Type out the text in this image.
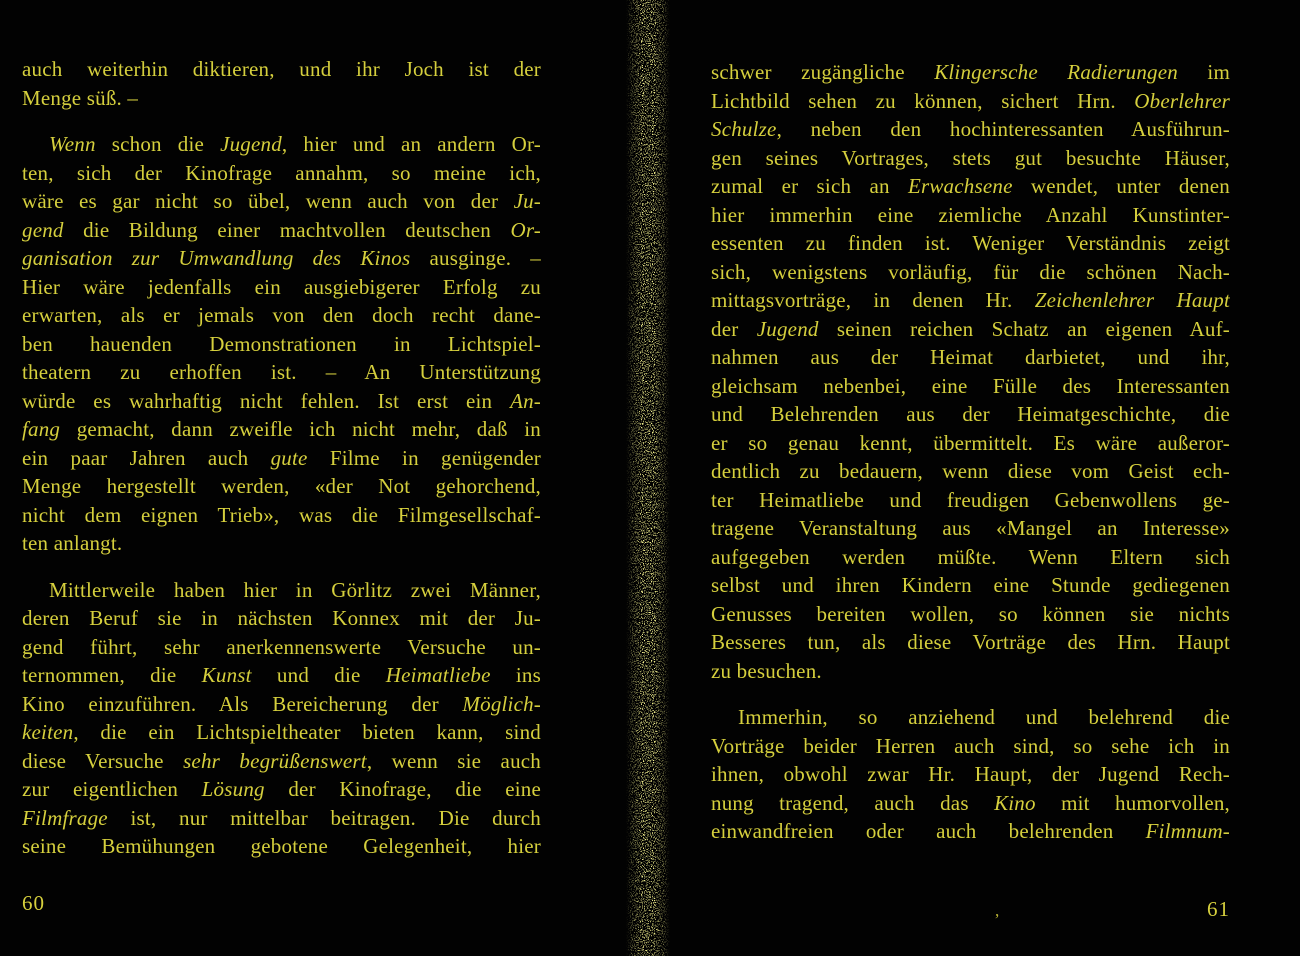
auch weiterhin diktieren, und ihr Joch ist der
Menge süß. –
Wenn schon die Jugend, hier und an andern Or-
ten, sich der Kinofrage annahm, so meine ich,
wäre es gar nicht so übel, wenn auch von der Ju-
gend die Bildung einer machtvollen deutschen Or-
ganisation zur Umwandlung des Kinos ausginge. –
Hier wäre jedenfalls ein ausgiebigerer Erfolg zu
erwarten, als er jemals von den doch recht dane-
ben hauenden Demonstrationen in Lichtspiel-
theatern zu erhoffen ist. – An Unterstützung
würde es wahrhaftig nicht fehlen. Ist erst ein An-
fang gemacht, dann zweifle ich nicht mehr, daß in
ein paar Jahren auch gute Filme in genügender
Menge hergestellt werden, «der Not gehorchend,
nicht dem eignen Trieb», was die Filmgesellschaf-
ten anlangt.
Mittlerweile haben hier in Görlitz zwei Männer,
deren Beruf sie in nächsten Konnex mit der Ju-
gend führt, sehr anerkennenswerte Versuche un-
ternommen, die Kunst und die Heimatliebe ins
Kino einzuführen. Als Bereicherung der Möglich-
keiten, die ein Lichtspieltheater bieten kann, sind
diese Versuche sehr begrüßenswert, wenn sie auch
zur eigentlichen Lösung der Kinofrage, die eine
Filmfrage ist, nur mittelbar beitragen. Die durch
seine Bemühungen gebotene Gelegenheit, hier
schwer zugängliche Klingersche Radierungen im
Lichtbild sehen zu können, sichert Hrn. Oberlehrer
Schulze, neben den hochinteressanten Ausführun-
gen seines Vortrages, stets gut besuchte Häuser,
zumal er sich an Erwachsene wendet, unter denen
hier immerhin eine ziemliche Anzahl Kunstinter-
essenten zu finden ist. Weniger Verständnis zeigt
sich, wenigstens vorläufig, für die schönen Nach-
mittagsvorträge, in denen Hr. Zeichenlehrer Haupt
der Jugend seinen reichen Schatz an eigenen Auf-
nahmen aus der Heimat darbietet, und ihr,
gleichsam nebenbei, eine Fülle des Interessanten
und Belehrenden aus der Heimatgeschichte, die
er so genau kennt, übermittelt. Es wäre außeror-
dentlich zu bedauern, wenn diese vom Geist ech-
ter Heimatliebe und freudigen Gebenwollens ge-
tragene Veranstaltung aus «Mangel an Interesse»
aufgegeben werden müßte. Wenn Eltern sich
selbst und ihren Kindern eine Stunde gediegenen
Genusses bereiten wollen, so können sie nichts
Besseres tun, als diese Vorträge des Hrn. Haupt
zu besuchen.
Immerhin, so anziehend und belehrend die
Vorträge beider Herren auch sind, so sehe ich in
ihnen, obwohl zwar Hr. Haupt, der Jugend Rech-
nung tragend, auch das Kino mit humorvollen,
einwandfreien oder auch belehrenden Filmnum-
60	61
,
